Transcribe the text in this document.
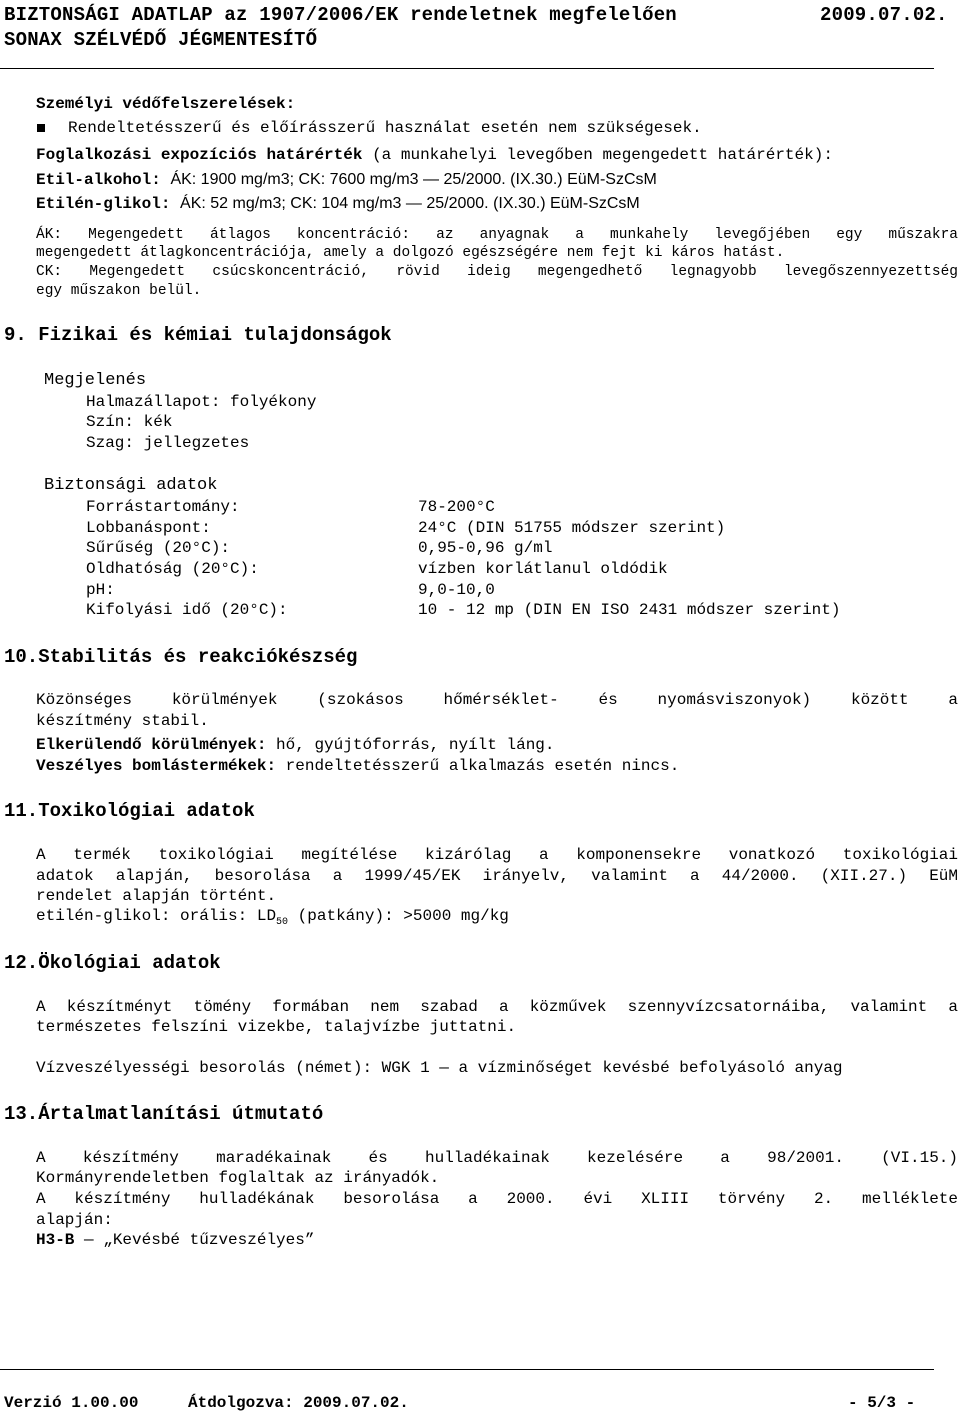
BIZTONSÁGI ADATLAP az 1907/2006/EK rendeletnek megfelelően	2009.07.02.
SONAX SZÉLVÉDŐ JÉGMENTESÍTŐ
Személyi védőfelszerelések:
Rendeltetésszerű és előírásszerű használat esetén nem szükségesek.
Foglalkozási expozíciós határérték (a munkahelyi levegőben megengedett határérték):
Etil-alkohol: ÁK: 1900 mg/m3; CK: 7600 mg/m3 — 25/2000. (IX.30.) EüM-SzCsM
Etilén-glikol: ÁK: 52 mg/m3; CK: 104 mg/m3 — 25/2000. (IX.30.) EüM-SzCsM
ÁK: Megengedett átlagos koncentráció: az anyagnak a munkahely levegőjében egy műszakra
megengedett átlagkoncentrációja, amely a dolgozó egészségére nem fejt ki káros hatást.
CK: Megengedett csúcskoncentráció, rövid ideig megengedhető legnagyobb levegőszennyezettség
egy műszakon belül.
9. Fizikai és kémiai tulajdonságok
Megjelenés
Halmazállapot: folyékony
Szín: kék
Szag: jellegzetes
Biztonsági adatok
Forrástartomány:	78-200°C
Lobbanáspont:	24°C (DIN 51755 módszer szerint)
Sűrűség (20°C):	0,95-0,96 g/ml
Oldhatóság (20°C):	vízben korlátlanul oldódik
pH:	9,0-10,0
Kifolyási idő (20°C):	10 - 12 mp (DIN EN ISO 2431 módszer szerint)
10.Stabilitás és reakciókészség
Közönséges körülmények (szokásos hőmérséklet- és nyomásviszonyok) között a
készítmény stabil.
Elkerülendő körülmények: hő, gyújtóforrás, nyílt láng.
Veszélyes bomlástermékek: rendeltetésszerű alkalmazás esetén nincs.
11.Toxikológiai adatok
A termék toxikológiai megítélése kizárólag a komponensekre vonatkozó toxikológiai
adatok alapján, besorolása a 1999/45/EK irányelv, valamint a 44/2000. (XII.27.) EüM
rendelet alapján történt.
etilén-glikol: orális: $LD_{50}$ (patkány): >5000 mg/kg
12.Ökológiai adatok
A készítményt tömény formában nem szabad a közművek szennyvízcsatornáiba, valamint a
természetes felszíni vizekbe, talajvízbe juttatni.
Vízveszélyességi besorolás (német): WGK 1 — a vízminőséget kevésbé befolyásoló anyag
13.Ártalmatlanítási útmutató
A készítmény maradékainak és hulladékainak kezelésére a 98/2001. (VI.15.)
Kormányrendeletben foglaltak az irányadók.
A készítmény hulladékának besorolása a 2000. évi XLIII törvény 2. melléklete
alapján:
H3-B — „Kevésbé tűzveszélyes”
Verzió 1.00.00	Átdolgozva: 2009.07.02.	- 5/3 -
